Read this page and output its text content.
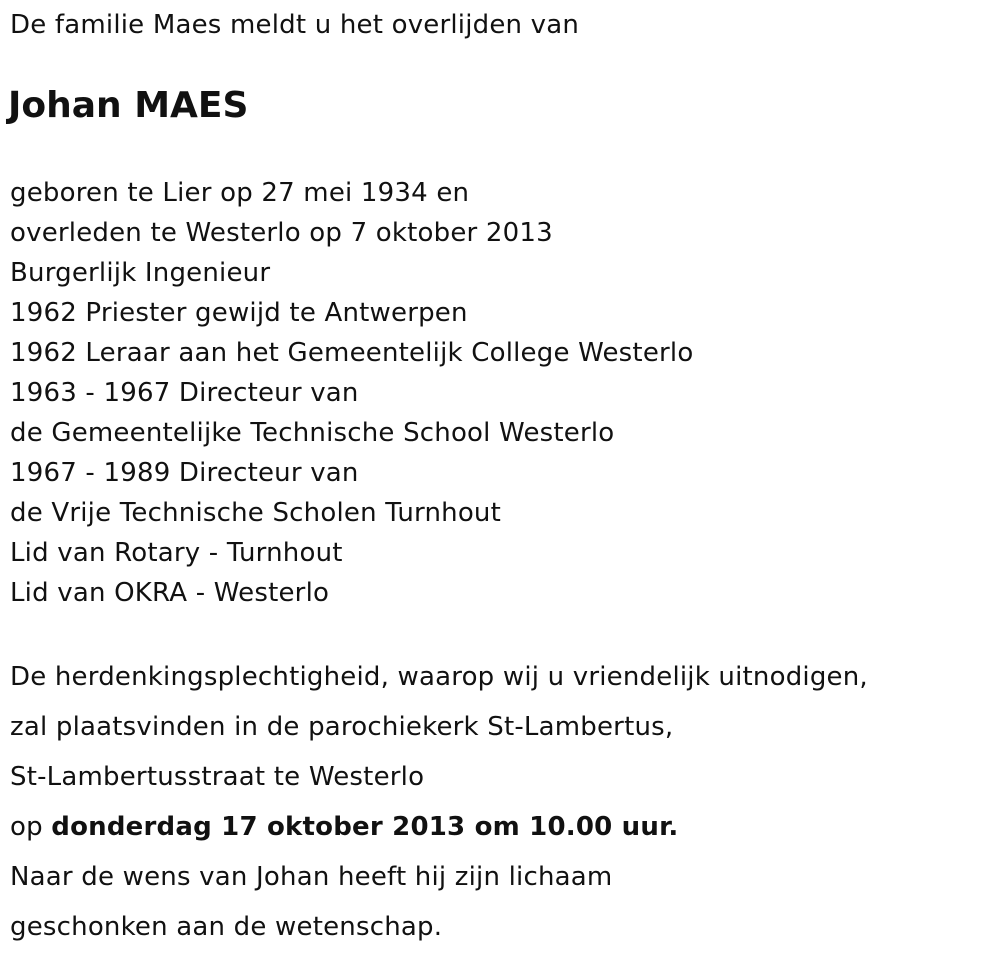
De familie Maes meldt u het overlijden van
Johan MAES
geboren te Lier op 27 mei 1934 en
overleden te Westerlo op 7 oktober 2013
Burgerlijk Ingenieur
1962 Priester gewijd te Antwerpen
1962 Leraar aan het Gemeentelijk College Westerlo
1963 - 1967 Directeur van
de Gemeentelijke Technische School Westerlo
1967 - 1989 Directeur van
de Vrije Technische Scholen Turnhout
Lid van Rotary - Turnhout
Lid van OKRA - Westerlo
De herdenkingsplechtigheid, waarop wij u vriendelijk uitnodigen,
zal plaatsvinden in de parochiekerk St-Lambertus,
St-Lambertusstraat te Westerlo
op donderdag 17 oktober 2013 om 10.00 uur.
Naar de wens van Johan heeft hij zijn lichaam
geschonken aan de wetenschap.
